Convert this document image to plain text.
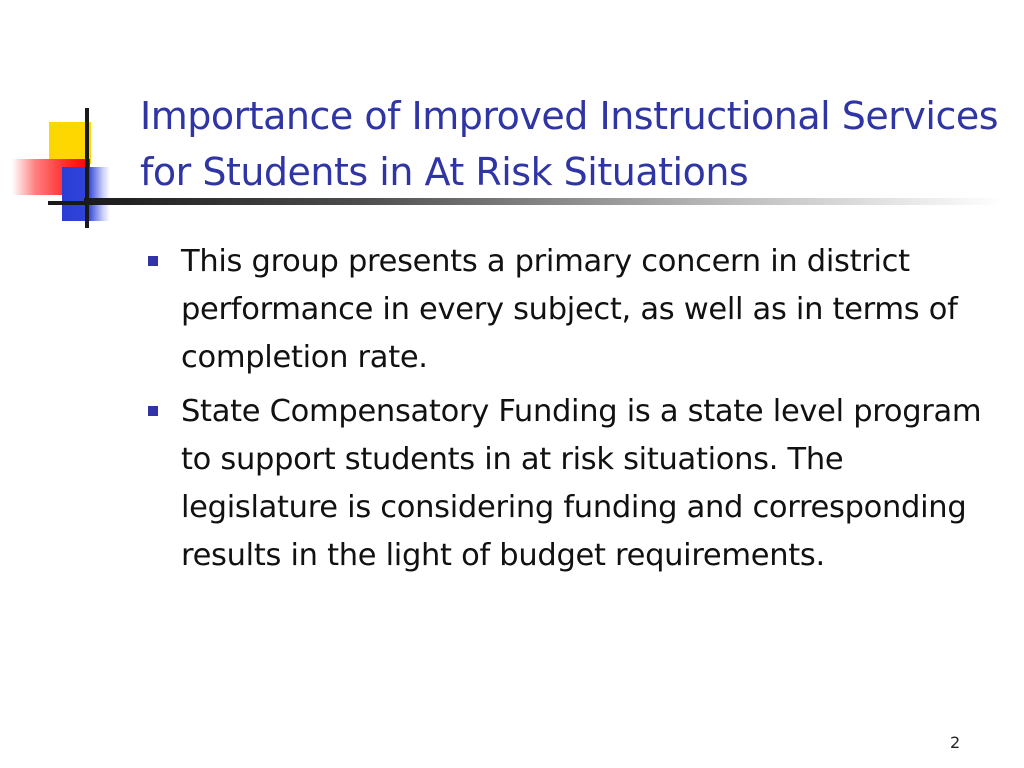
Importance of Improved Instructional Services for Students in At Risk Situations
This group presents a primary concern in district performance in every subject, as well as in terms of completion rate.
State Compensatory Funding is a state level program to support students in at risk situations. The legislature is considering funding and corresponding results in the light of budget requirements.
2
